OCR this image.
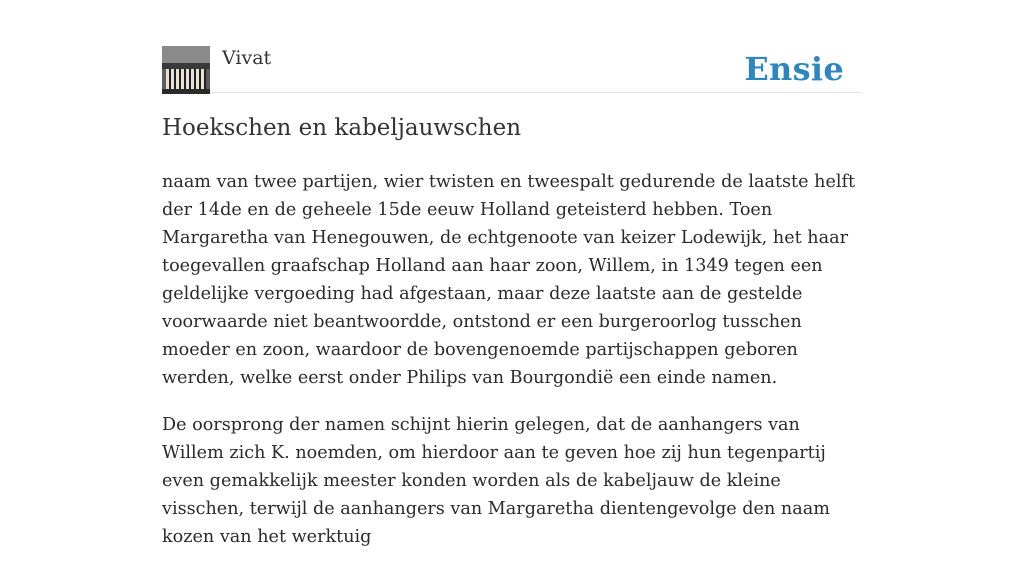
Vivat	Ensie
Hoekschen en kabeljauwschen

naam van twee partijen, wier twisten en tweespalt gedurende de laatste helft der 14de en de geheele 15de eeuw Holland geteisterd hebben. Toen Margaretha van Henegouwen, de echtgenoote van keizer Lodewijk, het haar toegevallen graafschap Holland aan haar zoon, Willem, in 1349 tegen een geldelijke vergoeding had afgestaan, maar deze laatste aan de gestelde voorwaarde niet beantwoordde, ontstond er een burgeroorlog tusschen moeder en zoon, waardoor de bovengenoemde partijschappen geboren werden, welke eerst onder Philips van Bourgondië een einde namen.

De oorsprong der namen schijnt hierin gelegen, dat de aanhangers van Willem zich K. noemden, om hierdoor aan te geven hoe zij hun tegenpartij even gemakkelijk meester konden worden als de kabeljauw de kleine visschen, terwijl de aanhangers van Margaretha dientengevolge den naam kozen van het werktuig
